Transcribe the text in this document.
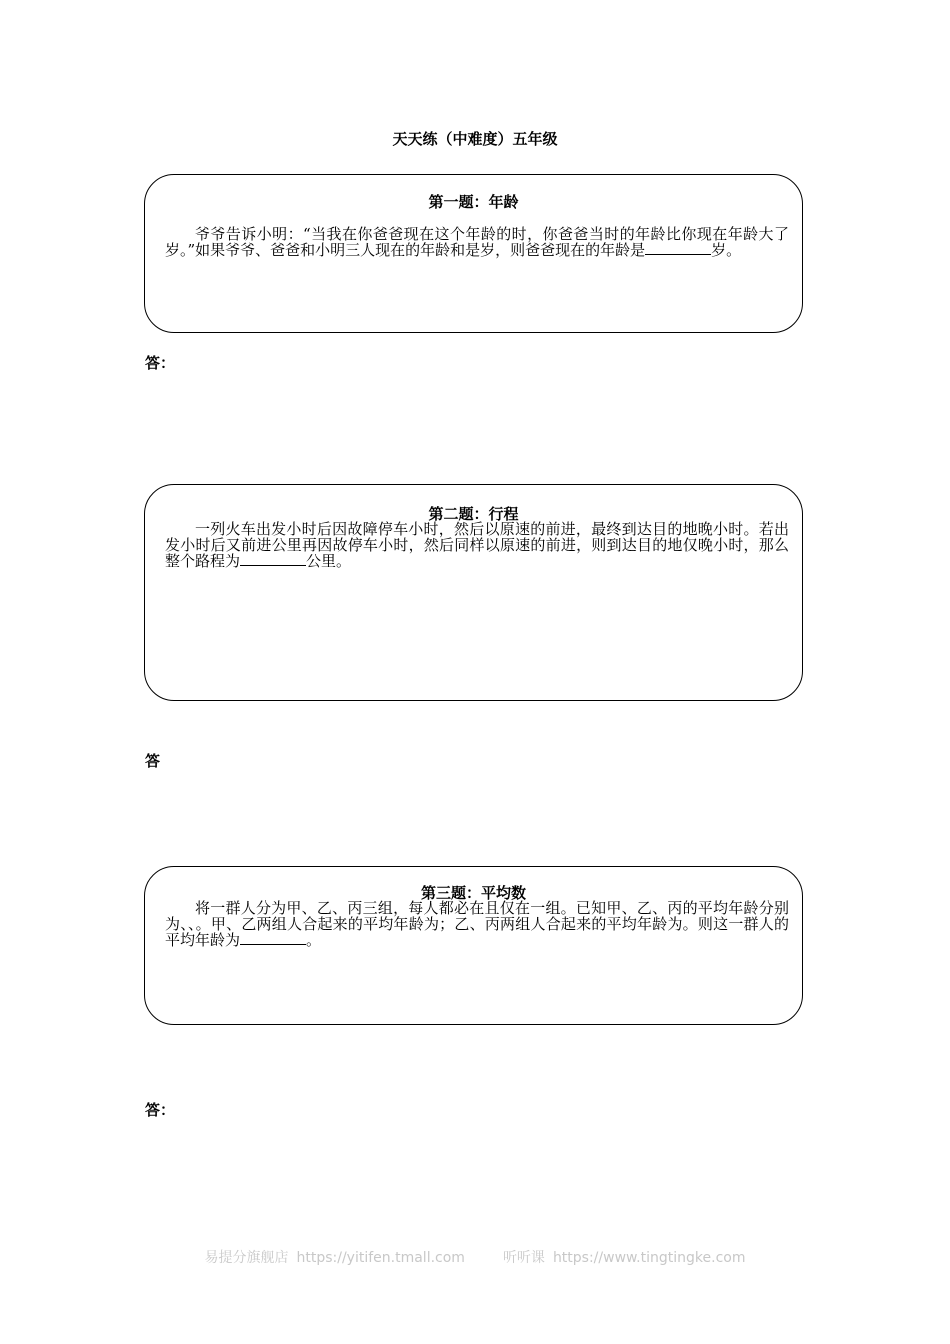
天天练（中难度）五年级
第一题：年龄
爷爷告诉小明：“当我在你爸爸现在这个年龄的时，你爸爸当时的年龄比你现在年龄大了岁。”如果爷爷、爸爸和小明三人现在的年龄和是岁，则爸爸现在的年龄是	岁。
答：
第二题：行程
一列火车出发小时后因故障停车小时，然后以原速的前进，最终到达目的地晚小时。若出发小时后又前进公里再因故停车小时，然后同样以原速的前进，则到达目的地仅晚小时，那么整个路程为	公里。
答
第三题：平均数
将一群人分为甲、乙、丙三组，每人都必在且仅在一组。已知甲、乙、丙的平均年龄分别为、、。甲、乙两组人合起来的平均年龄为；乙、丙两组人合起来的平均年龄为。则这一群人的平均年龄为	。
答：
易提分旗舰店 https://yitifen.tmall.com	听听课 https://www.tingtingke.com
